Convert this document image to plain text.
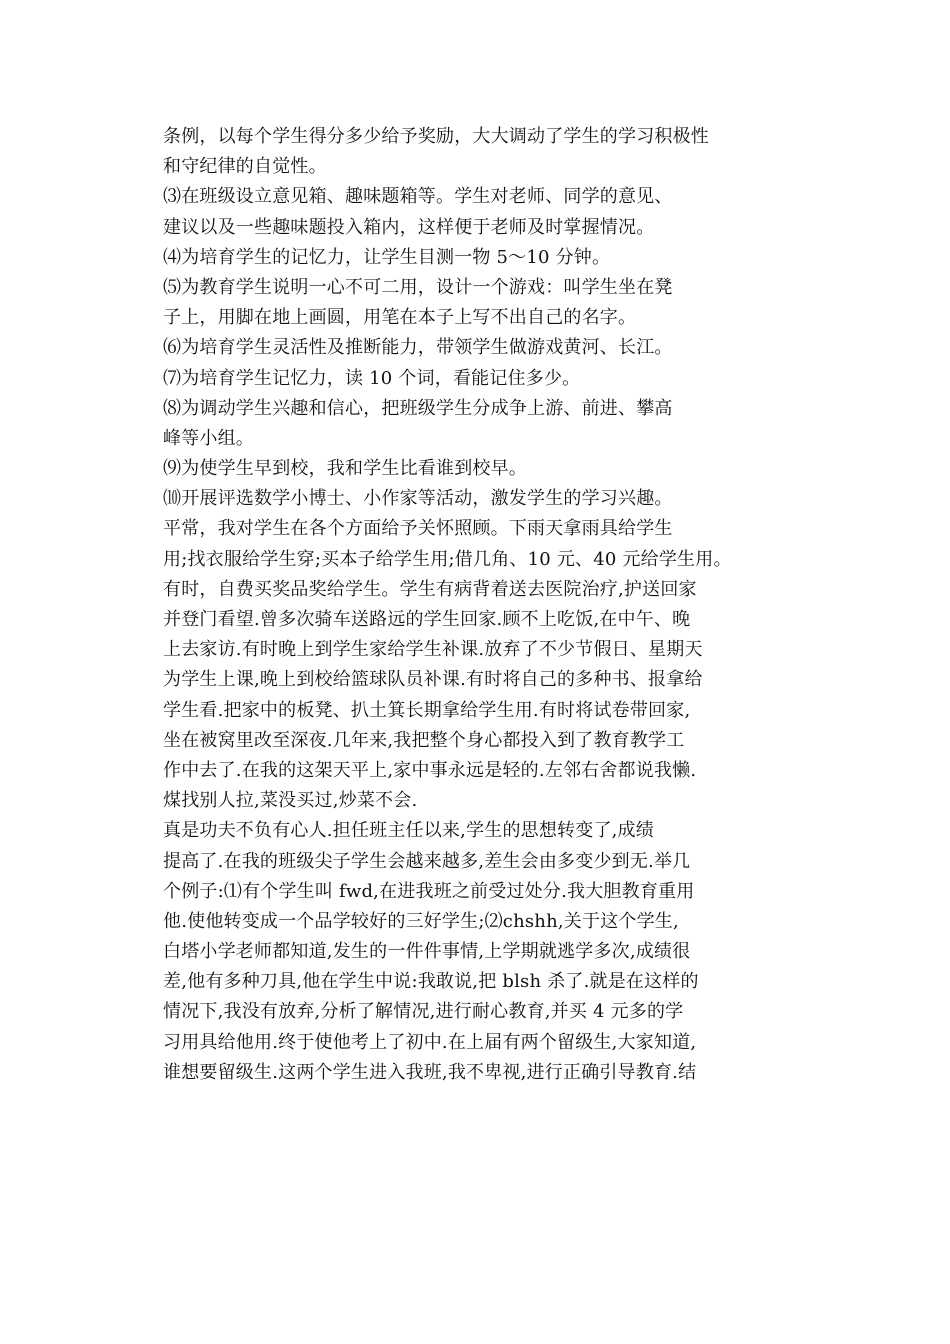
条例，以每个学生得分多少给予奖励，大大调动了学生的学习积极性
和守纪律的自觉性。
⑶在班级设立意见箱、趣味题箱等。学生对老师、同学的意见、
建议以及一些趣味题投入箱内，这样便于老师及时掌握情况。
⑷为培育学生的记忆力，让学生目测一物 5～10 分钟。
⑸为教育学生说明一心不可二用，设计一个游戏：叫学生坐在凳
子上，用脚在地上画圆，用笔在本子上写不出自己的名字。
⑹为培育学生灵活性及推断能力，带领学生做游戏黄河、长江。
⑺为培育学生记忆力，读 10 个词，看能记住多少。
⑻为调动学生兴趣和信心，把班级学生分成争上游、前进、攀高
峰等小组。
⑼为使学生早到校，我和学生比看谁到校早。
⑽开展评选数学小博士、小作家等活动，激发学生的学习兴趣。
平常，我对学生在各个方面给予关怀照顾。下雨天拿雨具给学生
用;找衣服给学生穿;买本子给学生用;借几角、10 元、40 元给学生用。
有时，自费买奖品奖给学生。学生有病背着送去医院治疗,护送回家
并登门看望.曾多次骑车送路远的学生回家.顾不上吃饭,在中午、晚
上去家访.有时晚上到学生家给学生补课.放弃了不少节假日、星期天
为学生上课,晚上到校给篮球队员补课.有时将自己的多种书、报拿给
学生看.把家中的板凳、扒土箕长期拿给学生用.有时将试卷带回家,
坐在被窝里改至深夜.几年来,我把整个身心都投入到了教育教学工
作中去了.在我的这架天平上,家中事永远是轻的.左邻右舍都说我懒.
煤找别人拉,菜没买过,炒菜不会.
真是功夫不负有心人.担任班主任以来,学生的思想转变了,成绩
提高了.在我的班级尖子学生会越来越多,差生会由多变少到无.举几
个例子:⑴有个学生叫 fwd,在进我班之前受过处分.我大胆教育重用
他.使他转变成一个品学较好的三好学生;⑵chshh,关于这个学生,
白塔小学老师都知道,发生的一件件事情,上学期就逃学多次,成绩很
差,他有多种刀具,他在学生中说:我敢说,把 blsh 杀了.就是在这样的
情况下,我没有放弃,分析了解情况,进行耐心教育,并买 4 元多的学
习用具给他用.终于使他考上了初中.在上届有两个留级生,大家知道,
谁想要留级生.这两个学生进入我班,我不卑视,进行正确引导教育.结
